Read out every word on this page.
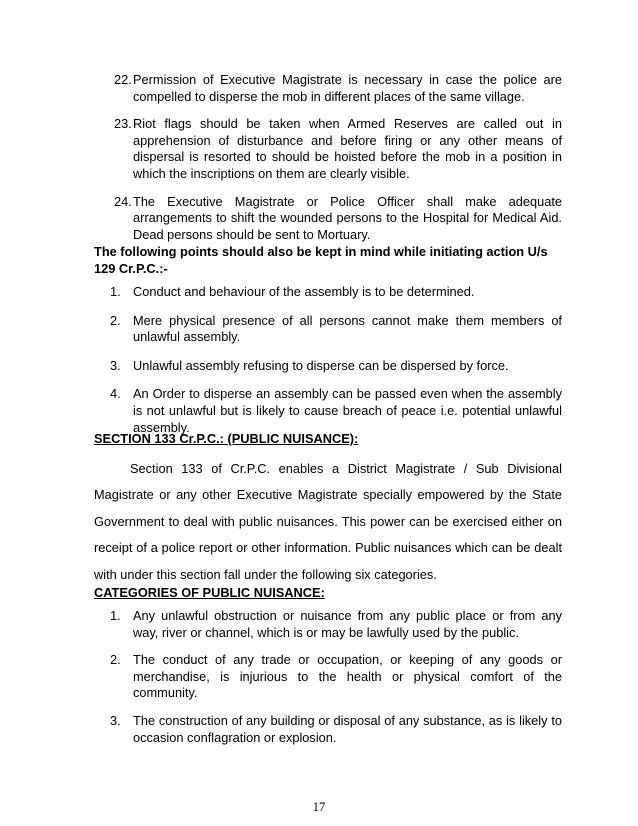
22. Permission of Executive Magistrate is necessary in case the police are compelled to disperse the mob in different places of the same village.
23. Riot flags should be taken when Armed Reserves are called out in apprehension of disturbance and before firing or any other means of dispersal is resorted to should be hoisted before the mob in a position in which the inscriptions on them are clearly visible.
24. The Executive Magistrate or Police Officer shall make adequate arrangements to shift the wounded persons to the Hospital for Medical Aid. Dead persons should be sent to Mortuary.
The following points should also be kept in mind while initiating action U/s 129 Cr.P.C.:-
1. Conduct and behaviour of the assembly is to be determined.
2. Mere physical presence of all persons cannot make them members of unlawful assembly.
3. Unlawful assembly refusing to disperse can be dispersed by force.
4. An Order to disperse an assembly can be passed even when the assembly is not unlawful but is likely to cause breach of peace i.e. potential unlawful assembly.
SECTION 133 Cr.P.C.: (PUBLIC NUISANCE):
Section 133 of Cr.P.C. enables a District Magistrate / Sub Divisional Magistrate or any other Executive Magistrate specially empowered by the State Government to deal with public nuisances. This power can be exercised either on receipt of a police report or other information. Public nuisances which can be dealt with under this section fall under the following six categories.
CATEGORIES OF PUBLIC NUISANCE:
1. Any unlawful obstruction or nuisance from any public place or from any way, river or channel, which is or may be lawfully used by the public.
2. The conduct of any trade or occupation, or keeping of any goods or merchandise, is injurious to the health or physical comfort of the community.
3. The construction of any building or disposal of any substance, as is likely to occasion conflagration or explosion.
17
